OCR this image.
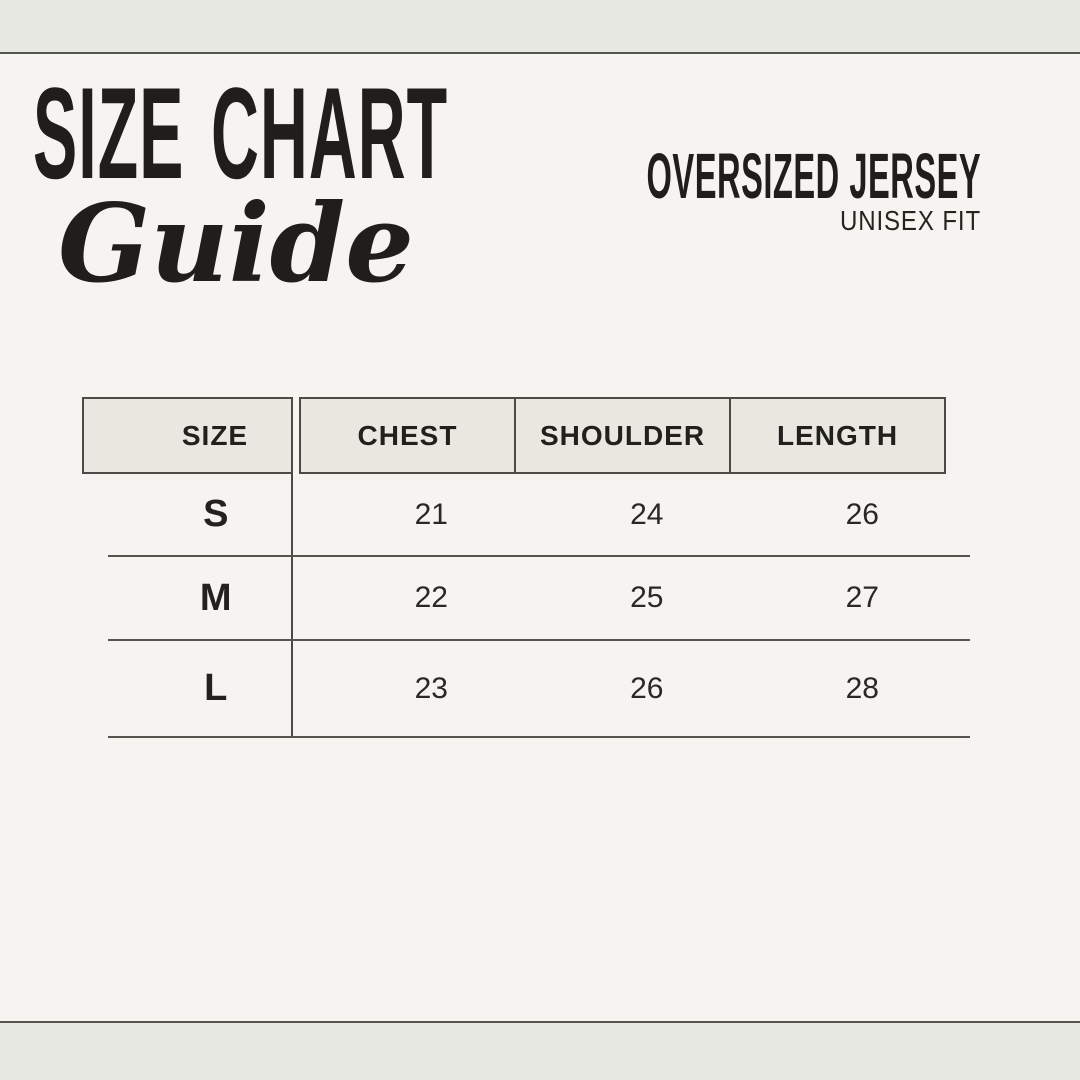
SIZE CHART
Guide
OVERSIZED JERSEY
UNISEX FIT
SIZE	CHEST	SHOULDER	LENGTH
S	21	24	26
M	22	25	27
L	23	26	28
